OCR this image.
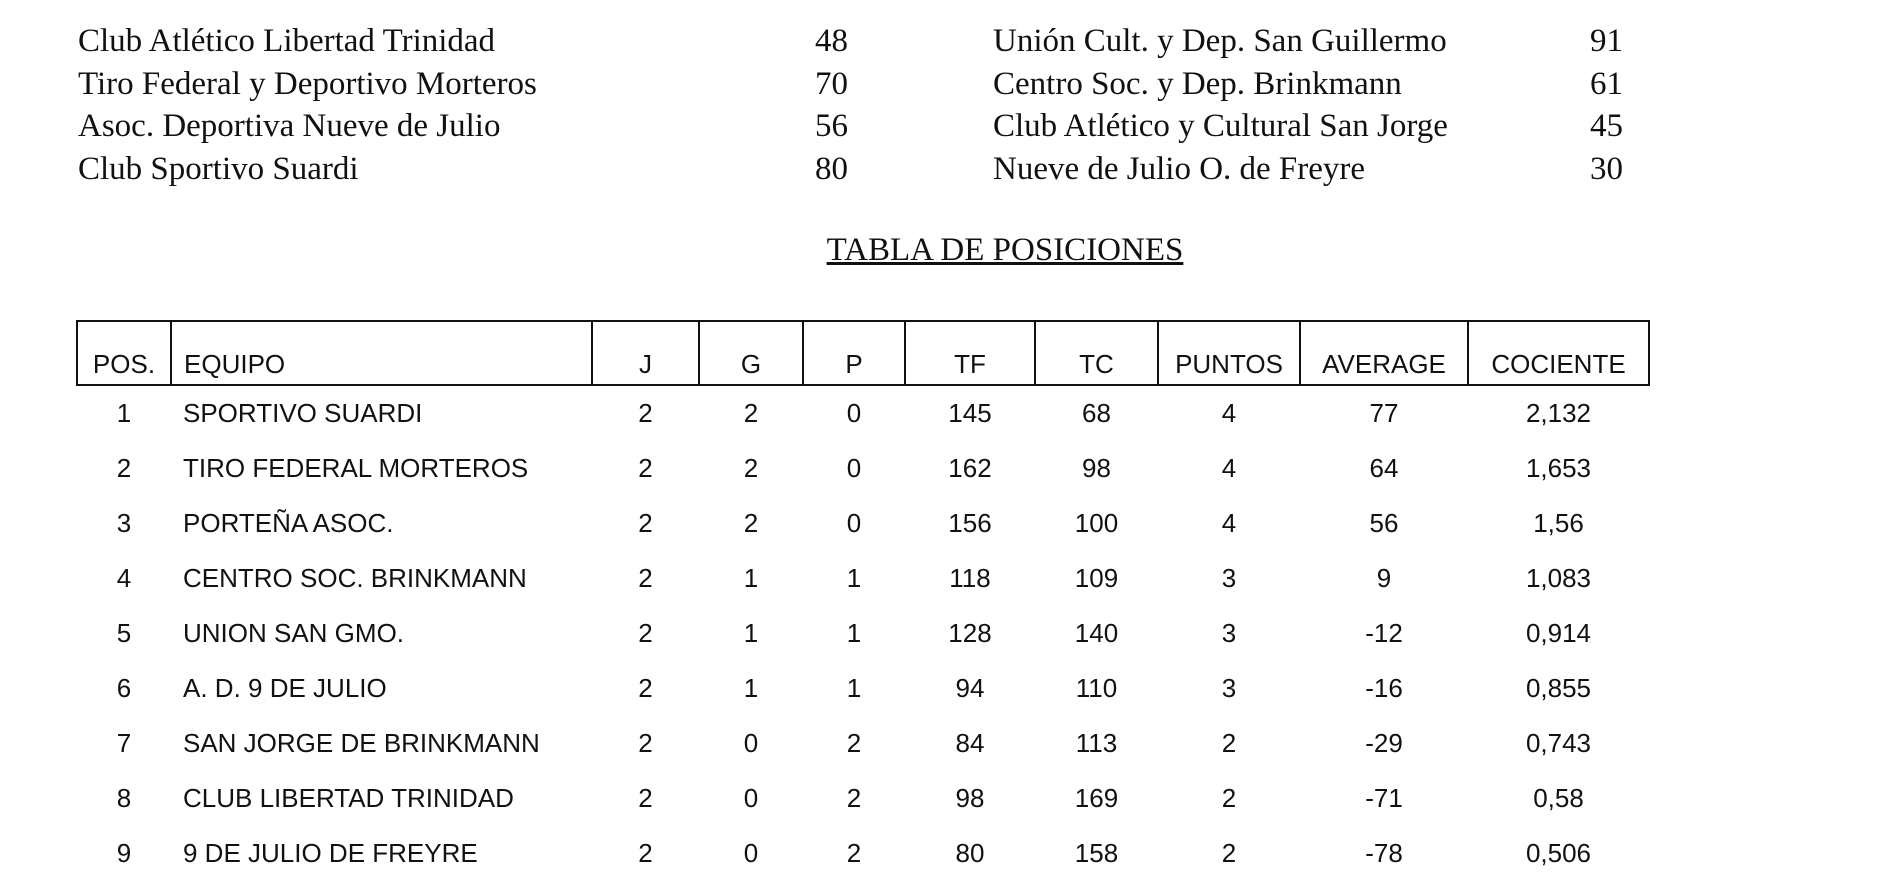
Club Atlético Libertad Trinidad	48
Tiro Federal y Deportivo Morteros	70
Asoc. Deportiva Nueve de Julio	56
Club Sportivo Suardi	80
Unión Cult. y Dep. San Guillermo	91
Centro Soc. y Dep. Brinkmann	61
Club Atlético y Cultural San Jorge	45
Nueve de Julio O. de Freyre	30
TABLA DE POSICIONES
POS.	EQUIPO	J	G	P	TF	TC	PUNTOS	AVERAGE	COCIENTE
1	SPORTIVO SUARDI	2	2	0	145	68	4	77	2,132
2	TIRO FEDERAL MORTEROS	2	2	0	162	98	4	64	1,653
3	PORTEÑA ASOC.	2	2	0	156	100	4	56	1,56
4	CENTRO SOC. BRINKMANN	2	1	1	118	109	3	9	1,083
5	UNION SAN GMO.	2	1	1	128	140	3	-12	0,914
6	A. D. 9 DE JULIO	2	1	1	94	110	3	-16	0,855
7	SAN JORGE DE BRINKMANN	2	0	2	84	113	2	-29	0,743
8	CLUB LIBERTAD TRINIDAD	2	0	2	98	169	2	-71	0,58
9	9 DE JULIO DE FREYRE	2	0	2	80	158	2	-78	0,506
